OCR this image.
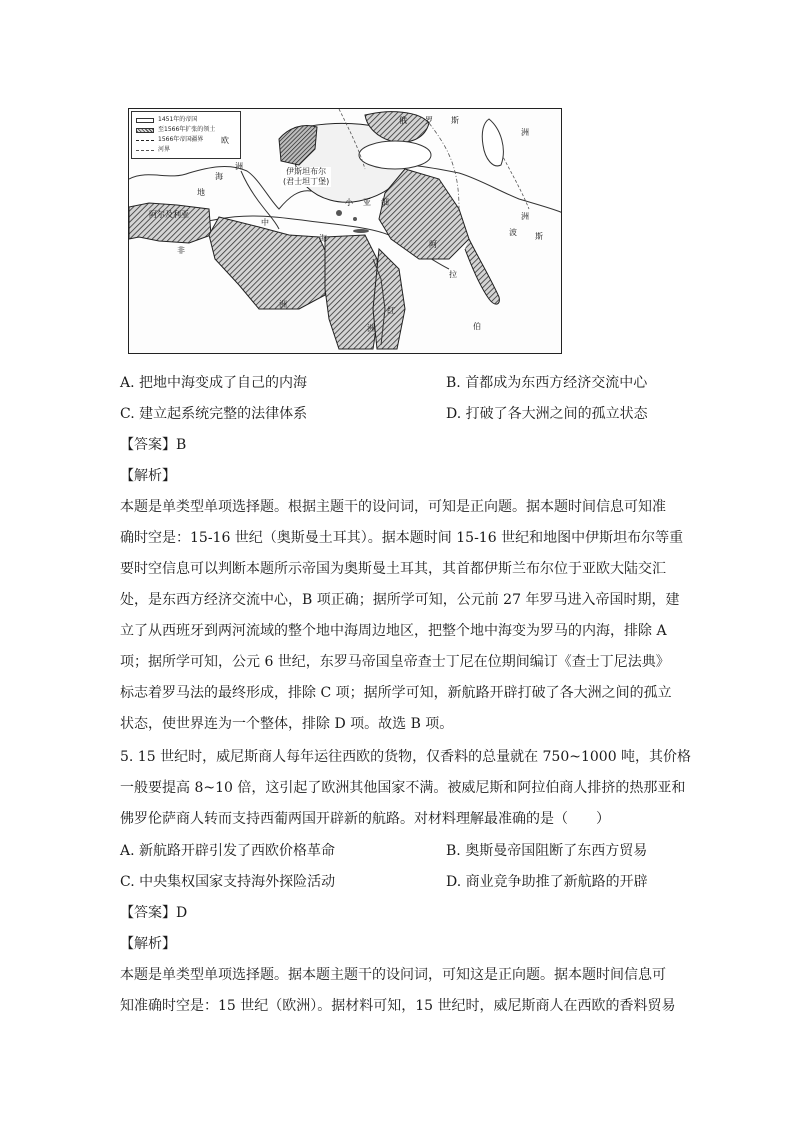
1451年的帝国
至1566年扩张的领土
1566年帝国疆界
河界
伊斯坦布尔
(君士坦丁堡)
俄 罗 斯
欧
洲
洲
地
阿尔及利亚
中
海
海
小 亚 细
非
洲
洲
洲
波 斯
阿
拉
伯
红
A. 把地中海变成了自己的内海	B. 首都成为东西方经济交流中心
C. 建立起系统完整的法律体系	D. 打破了各大洲之间的孤立状态
【答案】B
【解析】
本题是单类型单项选择题。根据主题干的设问词，可知是正向题。据本题时间信息可知准
确时空是：15-16 世纪（奥斯曼土耳其）。据本题时间 15-16 世纪和地图中伊斯坦布尔等重
要时空信息可以判断本题所示帝国为奥斯曼土耳其，其首都伊斯兰布尔位于亚欧大陆交汇
处，是东西方经济交流中心，B 项正确；据所学可知，公元前 27 年罗马进入帝国时期，建
立了从西班牙到两河流域的整个地中海周边地区，把整个地中海变为罗马的内海，排除 A
项；据所学可知，公元 6 世纪，东罗马帝国皇帝查士丁尼在位期间编订《查士丁尼法典》
标志着罗马法的最终形成，排除 C 项；据所学可知，新航路开辟打破了各大洲之间的孤立
状态，使世界连为一个整体，排除 D 项。故选 B 项。
5. 15 世纪时，威尼斯商人每年运往西欧的货物，仅香料的总量就在 750~1000 吨，其价格
一般要提高 8~10 倍，这引起了欧洲其他国家不满。被威尼斯和阿拉伯商人排挤的热那亚和
佛罗伦萨商人转而支持西葡两国开辟新的航路。对材料理解最准确的是（　　）
A. 新航路开辟引发了西欧价格革命	B. 奥斯曼帝国阻断了东西方贸易
C. 中央集权国家支持海外探险活动	D. 商业竞争助推了新航路的开辟
【答案】D
【解析】
本题是单类型单项选择题。据本题主题干的设问词，可知这是正向题。据本题时间信息可
知准确时空是：15 世纪（欧洲）。据材料可知，15 世纪时，威尼斯商人在西欧的香料贸易
